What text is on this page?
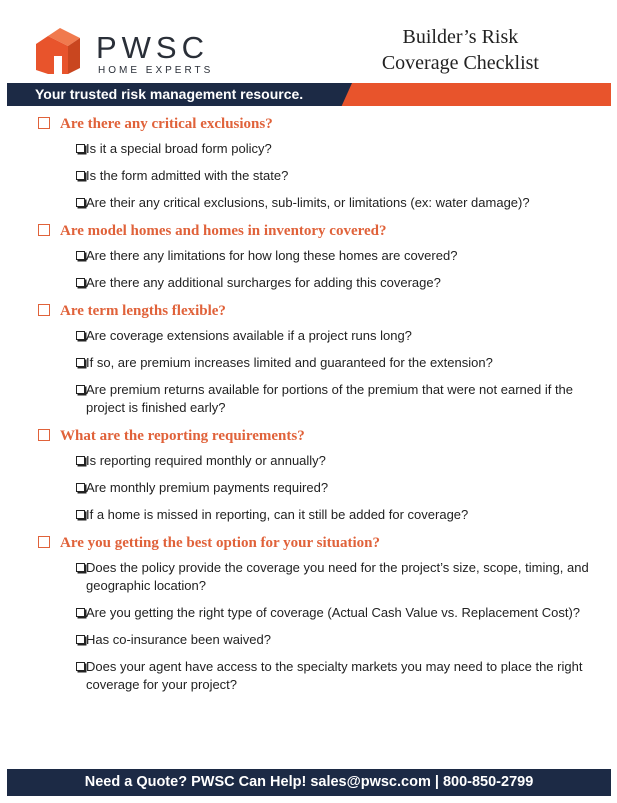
PWSC
HOME EXPERTS
Builder’s Risk
Coverage Checklist
Your trusted risk management resource.
Are there any critical exclusions?
Is it a special broad form policy?
Is the form admitted with the state?
Are their any critical exclusions, sub-limits, or limitations (ex: water damage)?
Are model homes and homes in inventory covered?
Are there any limitations for how long these homes are covered?
Are there any additional surcharges for adding this coverage?
Are term lengths flexible?
Are coverage extensions available if a project runs long?
If so, are premium increases limited and guaranteed for the extension?
Are premium returns available for portions of the premium that were not earned if the project is finished early?
What are the reporting requirements?
Is reporting required monthly or annually?
Are monthly premium payments required?
If a home is missed in reporting, can it still be added for coverage?
Are you getting the best option for your situation?
Does the policy provide the coverage you need for the project’s size, scope, timing, and geographic location?
Are you getting the right type of coverage (Actual Cash Value vs. Replacement Cost)?
Has co-insurance been waived?
Does your agent have access to the specialty markets you may need to place the right coverage for your project?
Need a Quote? PWSC Can Help! sales@pwsc.com | 800-850-2799
